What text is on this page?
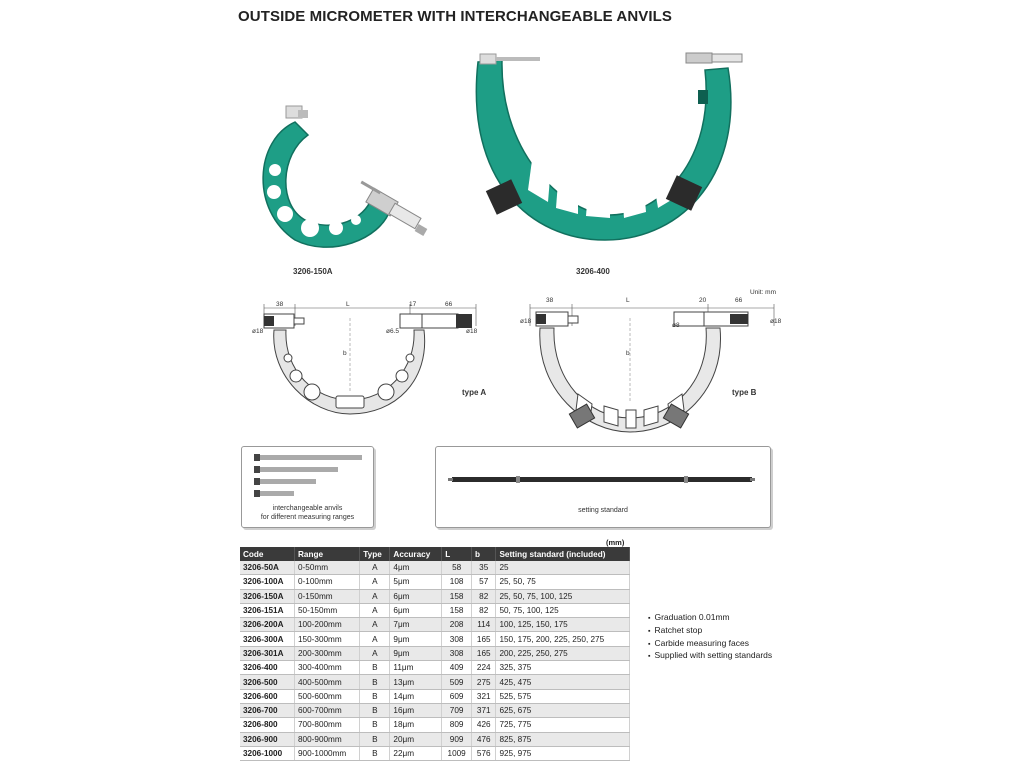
OUTSIDE MICROMETER WITH INTERCHANGEABLE ANVILS
3206-150A	3206-400
38	L	17	66
ø18	ø6.5	ø18
b
type A
Unit: mm
38	L	20	66
ø18
ø8
ø18
b
type B
interchangeable anvils
for different measuring ranges
setting standard
(mm)
Code	Range	Type	Accuracy	L	b	Setting standard (included)
3206-50A	0-50mm	A	4μm	58	35	25
3206-100A	0-100mm	A	5μm	108	57	25, 50, 75
3206-150A	0-150mm	A	6μm	158	82	25, 50, 75, 100, 125
3206-151A	50-150mm	A	6μm	158	82	50, 75, 100, 125
3206-200A	100-200mm	A	7μm	208	114	100, 125, 150, 175
3206-300A	150-300mm	A	9μm	308	165	150, 175, 200, 225, 250, 275
3206-301A	200-300mm	A	9μm	308	165	200, 225, 250, 275
3206-400	300-400mm	B	11μm	409	224	325, 375
3206-500	400-500mm	B	13μm	509	275	425, 475
3206-600	500-600mm	B	14μm	609	321	525, 575
3206-700	600-700mm	B	16μm	709	371	625, 675
3206-800	700-800mm	B	18μm	809	426	725, 775
3206-900	800-900mm	B	20μm	909	476	825, 875
3206-1000	900-1000mm	B	22μm	1009	576	925, 975
▪ Graduation 0.01mm
▪ Ratchet stop
▪ Carbide measuring faces
▪ Supplied with setting standards
